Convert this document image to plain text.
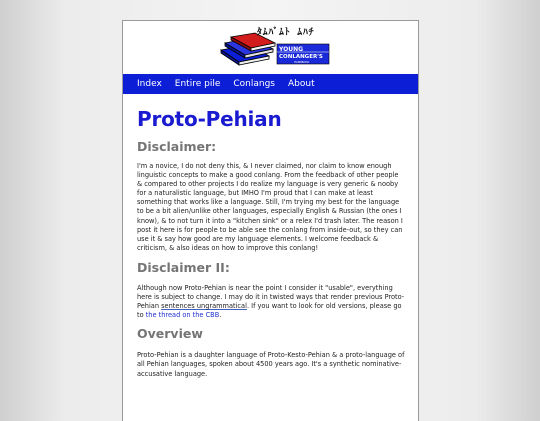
ﾀﾑﾊﾞﾑﾄ ﾑﾊﾁ
YOUNG
CONLANGER'S
HANDBOOK
Index Entire pile Conlangs About
Proto-Pehian
Disclaimer:

I'm a novice, I do not deny this, & I never claimed, nor claim to know enough linguistic concepts to make a good conlang. From the feedback of other people & compared to other projects I do realize my language is very generic & nooby for a naturalistic language, but IMHO I'm proud that I can make at least something that works like a language. Still, I'm trying my best for the language to be a bit alien/unlike other languages, especially English & Russian (the ones I know), & to not turn it into a "kitchen sink" or a relex I'd trash later. The reason I post it here is for people to be able see the conlang from inside-out, so they can use it & say how good are my language elements. I welcome feedback & criticism, & also ideas on how to improve this conlang!

Disclaimer II:

Although now Proto-Pehian is near the point I consider it "usable", everything here is subject to change. I may do it in twisted ways that render previous Proto-Pehian sentences ungrammatical. If you want to look for old versions, please go to the thread on the CBB.

Overview

Proto-Pehian is a daughter language of Proto-Kesto-Pehian & a proto-language of all Pehian languages, spoken about 4500 years ago. It's a synthetic nominative-accusative language.
